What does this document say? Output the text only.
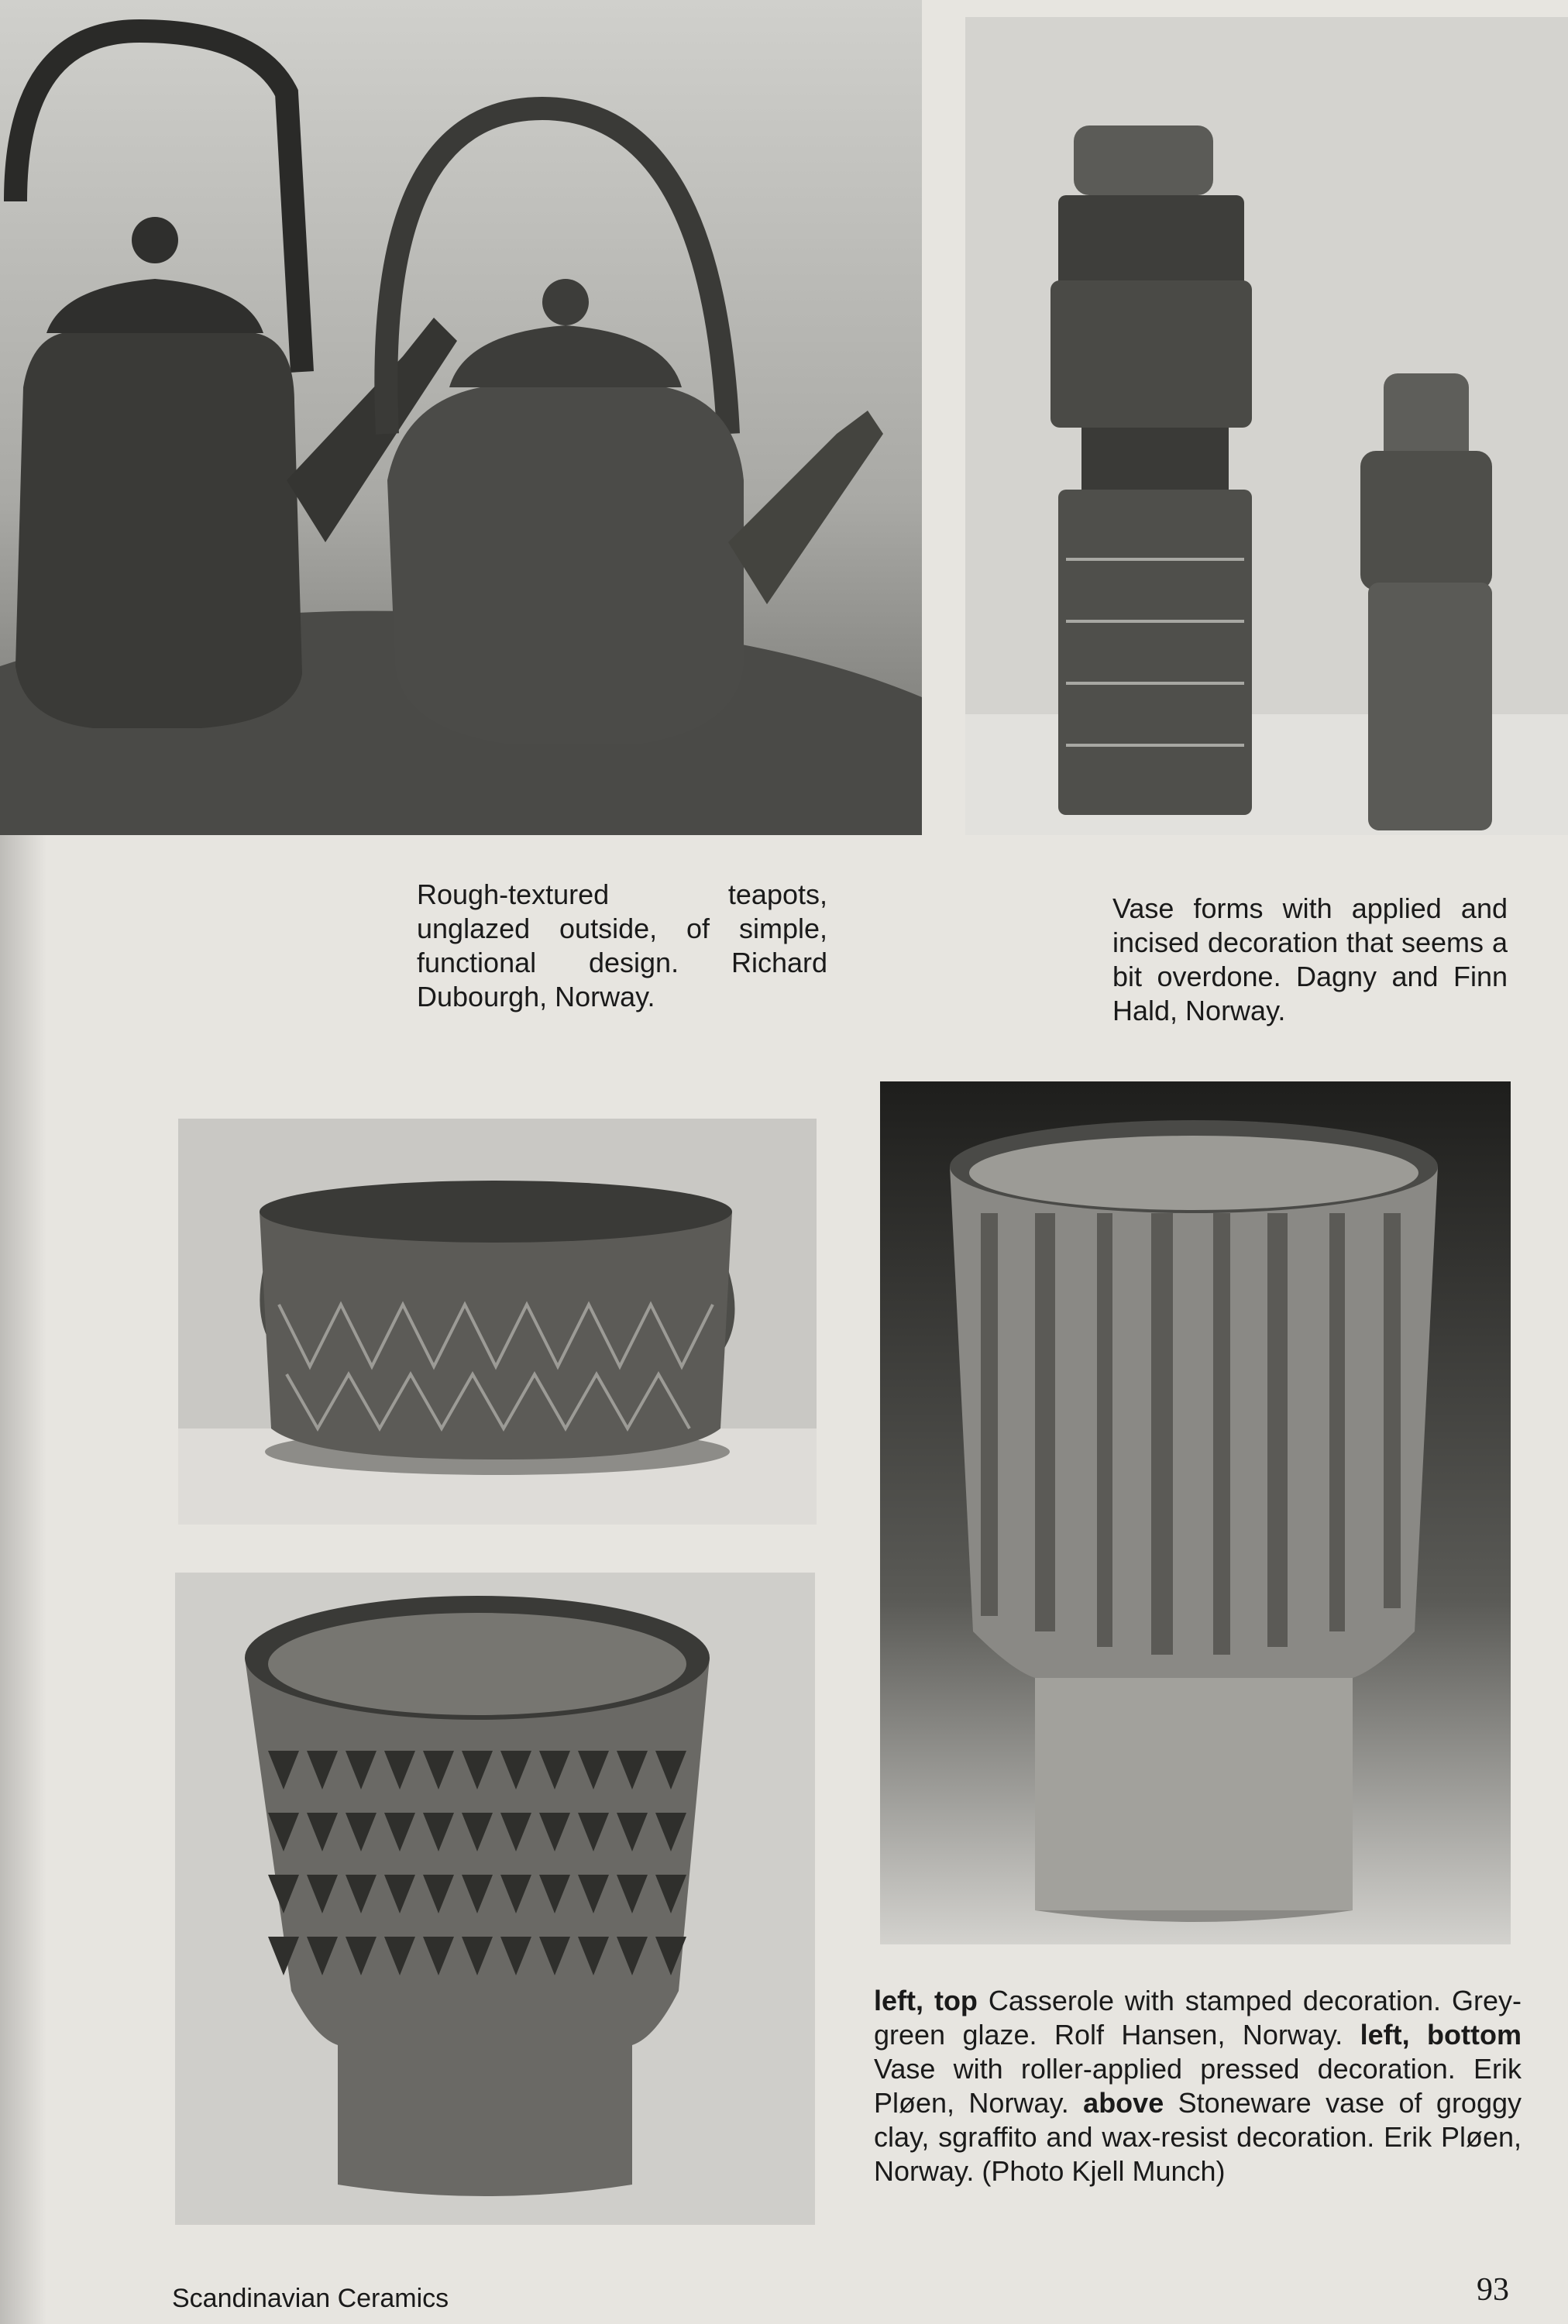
Rough-textured teapots, unglazed outside, of simple, functional design. Richard Dubourgh, Norway.
Vase forms with applied and incised decoration that seems a bit overdone. Dagny and Finn Hald, Norway.
left, top Casserole with stamped decoration. Grey-green glaze. Rolf Hansen, Norway. left, bottom Vase with roller-applied pressed decoration. Erik Pløen, Norway. above Stoneware vase of groggy clay, sgraffito and wax-resist decoration. Erik Pløen, Norway. (Photo Kjell Munch)
Scandinavian Ceramics	93
